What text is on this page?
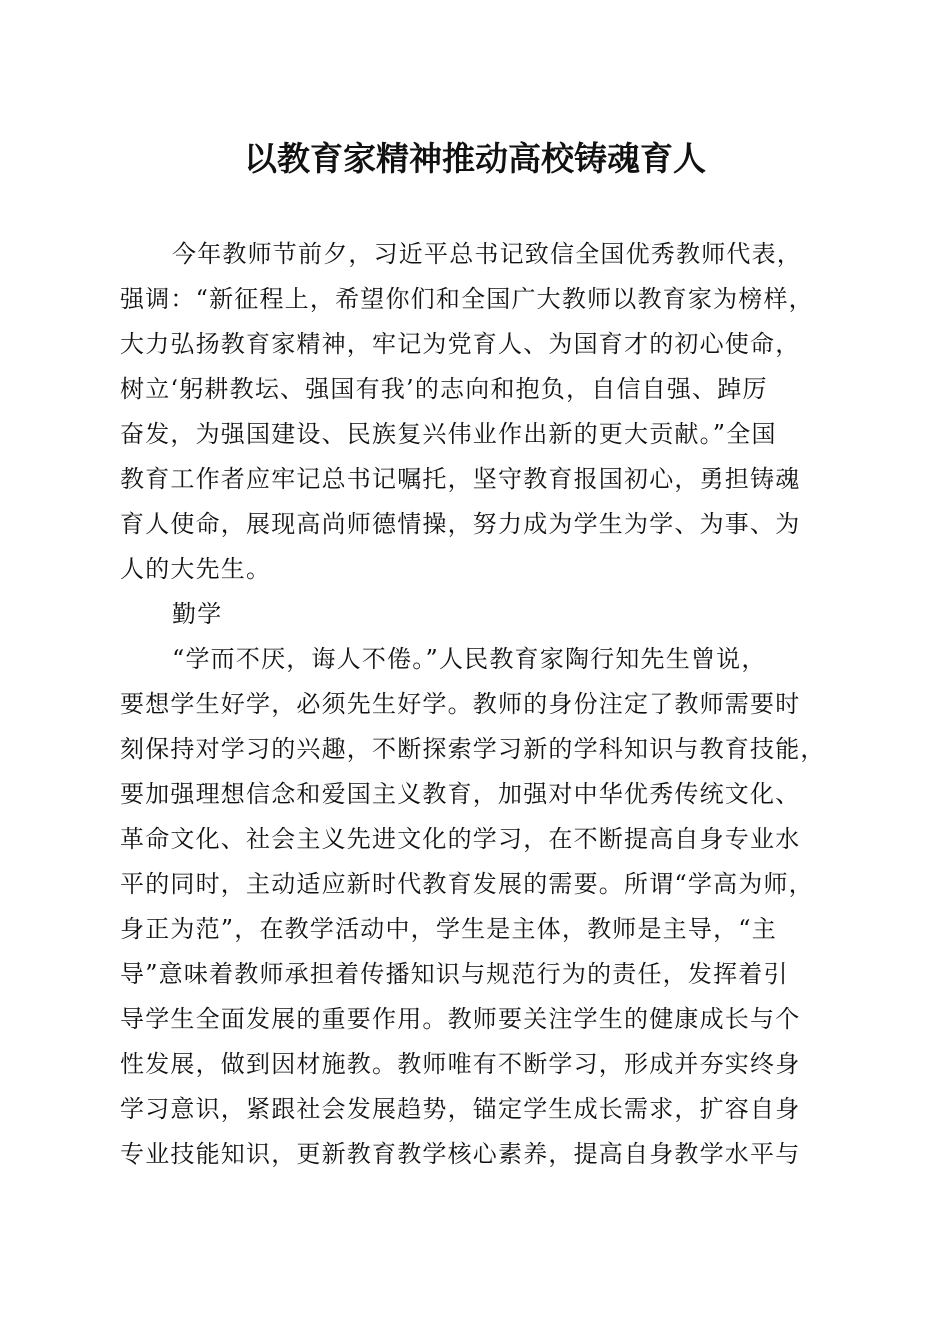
以教育家精神推动高校铸魂育人
今年教师节前夕，习近平总书记致信全国优秀教师代表，
强调：“新征程上，希望你们和全国广大教师以教育家为榜样，
大力弘扬教育家精神，牢记为党育人、为国育才的初心使命，
树立‘躬耕教坛、强国有我’的志向和抱负，自信自强、踔厉
奋发，为强国建设、民族复兴伟业作出新的更大贡献。”全国
教育工作者应牢记总书记嘱托，坚守教育报国初心，勇担铸魂
育人使命，展现高尚师德情操，努力成为学生为学、为事、为
人的大先生。
勤学
“学而不厌，诲人不倦。”人民教育家陶行知先生曾说，
要想学生好学，必须先生好学。教师的身份注定了教师需要时
刻保持对学习的兴趣，不断探索学习新的学科知识与教育技能，
要加强理想信念和爱国主义教育，加强对中华优秀传统文化、
革命文化、社会主义先进文化的学习，在不断提高自身专业水
平的同时，主动适应新时代教育发展的需要。所谓“学高为师，
身正为范”，在教学活动中，学生是主体，教师是主导，“主
导”意味着教师承担着传播知识与规范行为的责任，发挥着引
导学生全面发展的重要作用。教师要关注学生的健康成长与个
性发展，做到因材施教。教师唯有不断学习，形成并夯实终身
学习意识，紧跟社会发展趋势，锚定学生成长需求，扩容自身
专业技能知识，更新教育教学核心素养，提高自身教学水平与
